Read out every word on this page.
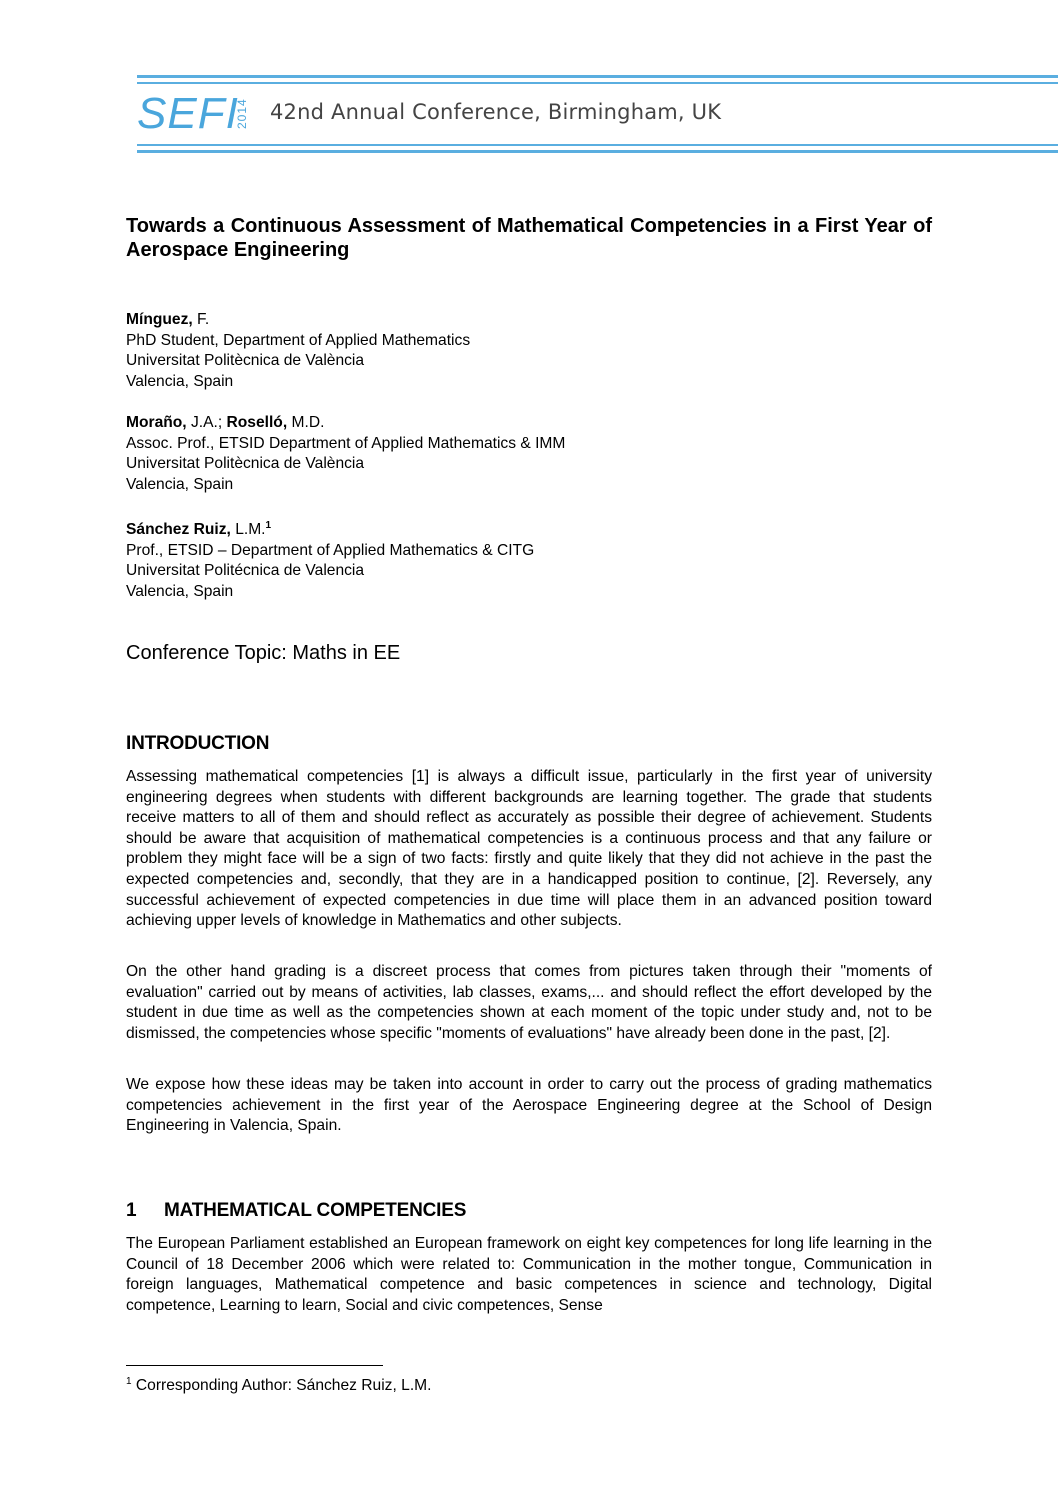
SEFI
2014 42nd Annual Conference, Birmingham, UK
Towards a Continuous Assessment of Mathematical Competencies in a First Year of Aerospace Engineering
Mínguez, F.
PhD Student, Department of Applied Mathematics
Universitat Politècnica de València
Valencia, Spain
Moraño, J.A.; Roselló, M.D.
Assoc. Prof., ETSID Department of Applied Mathematics & IMM
Universitat Politècnica de València
Valencia, Spain
Sánchez Ruiz, L.M.$^1$
Prof., ETSID – Department of Applied Mathematics & CITG
Universitat Politécnica de Valencia
Valencia, Spain
Conference Topic: Maths in EE
INTRODUCTION
Assessing mathematical competencies [1] is always a difficult issue, particularly in the first year of university engineering degrees when students with different backgrounds are learning together. The grade that students receive matters to all of them and should reflect as accurately as possible their degree of achievement. Students should be aware that acquisition of mathematical competencies is a continuous process and that any failure or problem they might face will be a sign of two facts: firstly and quite likely that they did not achieve in the past the expected competencies and, secondly, that they are in a handicapped position to continue, [2]. Reversely, any successful achievement of expected competencies in due time will place them in an advanced position toward achieving upper levels of knowledge in Mathematics and other subjects.
On the other hand grading is a discreet process that comes from pictures taken through their "moments of evaluation" carried out by means of activities, lab classes, exams,... and should reflect the effort developed by the student in due time as well as the competencies shown at each moment of the topic under study and, not to be dismissed, the competencies whose specific "moments of evaluations" have already been done in the past, [2].
We expose how these ideas may be taken into account in order to carry out the process of grading mathematics competencies achievement in the first year of the Aerospace Engineering degree at the School of Design Engineering in Valencia, Spain.
1 MATHEMATICAL COMPETENCIES
The European Parliament established an European framework on eight key competences for long life learning in the Council of 18 December 2006 which were related to: Communication in the mother tongue, Communication in foreign languages, Mathematical competence and basic competences in science and technology, Digital competence, Learning to learn, Social and civic competences, Sense
$^1$ Corresponding Author: Sánchez Ruiz, L.M.
